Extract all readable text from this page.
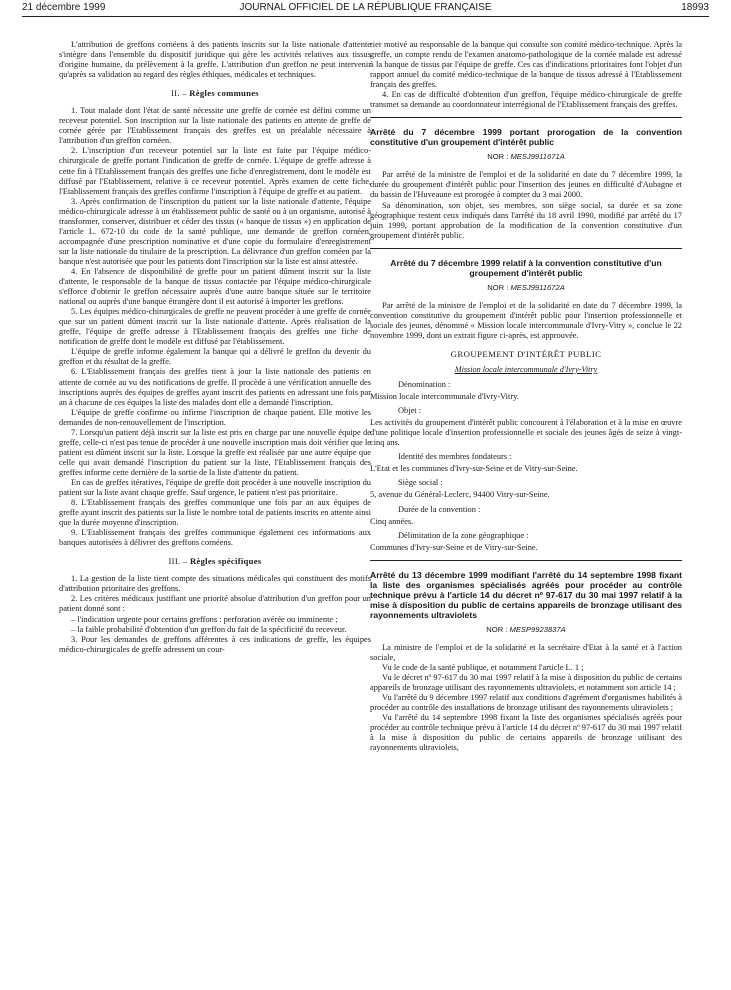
21 décembre 1999	JOURNAL OFFICIEL DE LA RÉPUBLIQUE FRANÇAISE	18993

L'attribution de greffons cornéens à des patients inscrits sur la liste nationale d'attente s'intègre dans l'ensemble du dispositif juridique qui gère les activités relatives aux tissus d'origine humaine, du prélèvement à la greffe. L'attribution d'un greffon ne peut intervenir qu'après sa validation au regard des règles éthiques, médicales et techniques.

II. – Règles communes

1. Tout malade dont l'état de santé nécessite une greffe de cornée est défini comme un receveur potentiel. Son inscription sur la liste nationale des patients en attente de greffe de cornée gérée par l'Etablissement français des greffes est un préalable nécessaire à l'attribution d'un greffon cornéen.

2. L'inscription d'un receveur potentiel sur la liste est faite par l'équipe médico-chirurgicale de greffe portant l'indication de greffe de cornée. L'équipe de greffe adresse à cette fin à l'Etablissement français des greffes une fiche d'enregistrement, dont le modèle est diffusé par l'Etablissement, relative à ce receveur potentiel. Après examen de cette fiche, l'Etablissement français des greffes confirme l'inscription à l'équipe de greffe et au patient.

3. Après confirmation de l'inscription du patient sur la liste nationale d'attente, l'équipe médico-chirurgicale adresse à un établissement public de santé ou à un organisme, autorisé à transformer, conserver, distribuer et céder des tissus (« banque de tissus ») en application de l'article L. 672-10 du code de la santé publique, une demande de greffon cornéen, accompagnée d'une prescription nominative et d'une copie du formulaire d'enregistrement sur la liste nationale du titulaire de la prescription. La délivrance d'un greffon cornéen par la banque n'est autorisée que pour les patients dont l'inscription sur la liste est ainsi attestée.

4. En l'absence de disponibilité de greffe pour un patient dûment inscrit sur la liste d'attente, le responsable de la banque de tissus contactée par l'équipe médico-chirurgicale s'efforce d'obtenir le greffon nécessaire auprès d'une autre banque située sur le territoire national ou auprès d'une banque étrangère dont il est autorisé à importer les greffons.

5. Les équipes médico-chirurgicales de greffe ne peuvent procéder à une greffe de cornée que sur un patient dûment inscrit sur la liste nationale d'attente. Après réalisation de la greffe, l'équipe de greffe adresse à l'Etablissement français des greffes une fiche de notification de greffe dont le modèle est diffusé par l'établissement.

L'équipe de greffe informe également la banque qui a délivré le greffon du devenir du greffon et du résultat de la greffe.

6. L'Etablissement français des greffes tient à jour la liste nationale des patients en attente de cornée au vu des notifications de greffe. Il procède à une vérification annuelle des inscriptions auprès des équipes de greffes ayant inscrit des patients en adressant une fois par an à chacune de ces équipes la liste des malades dont elle a demandé l'inscription.

L'équipe de greffe confirme ou infirme l'inscription de chaque patient. Elle motive les demandes de non-renouvellement de l'inscription.

7. Lorsqu'un patient déjà inscrit sur la liste est pris en charge par une nouvelle équipe de greffe, celle-ci n'est pas tenue de procéder à une nouvelle inscription mais doit vérifier que le patient est dûment inscrit sur la liste. Lorsque la greffe est réalisée par une autre équipe que celle qui avait demandé l'inscription du patient sur la liste, l'Etablissement français des greffes informe cette dernière de la sortie de la liste d'attente du patient.

En cas de greffes itératives, l'équipe de greffe doit procéder à une nouvelle inscription du patient sur la liste avant chaque greffe. Sauf urgence, le patient n'est pas prioritaire.

8. L'Etablissement français des greffes communique une fois par an aux équipes de greffe ayant inscrit des patients sur la liste le nombre total de patients inscrits en attente ainsi que la durée moyenne d'inscription.

9. L'Etablissement français des greffes communique également ces informations aux banques autorisées à délivrer des greffons cornéens.

III. – Règles spécifiques

1. La gestion de la liste tient compte des situations médicales qui constituent des motifs d'attribution prioritaire des greffons.

2. Les critères médicaux justifiant une priorité absolue d'attribution d'un greffon pour un patient donné sont :

– l'indication urgente pour certains greffons : perforation avérée ou imminente ;
– la faible probabilité d'obtention d'un greffon du fait de la spécificité du receveur.

3. Pour les demandes de greffons afférentes à ces indications de greffe, les équipes médico-chirurgicales de greffe adressent un cour-

rier motivé au responsable de la banque qui consulte son comité médico-technique. Après la greffe, un compte rendu de l'examen anatomo-pathologique de la cornée malade est adressé à la banque de tissus par l'équipe de greffe. Ces cas d'indications prioritaires font l'objet d'un rapport annuel du comité médico-technique de la banque de tissus adressé à l'Etablissement français des greffes.

4. En cas de difficulté d'obtention d'un greffon, l'équipe médico-chirurgicale de greffe transmet sa demande au coordonnateur interrégional de l'Etablissement français des greffes.

Arrêté du 7 décembre 1999 portant prorogation de la convention constitutive d'un groupement d'intérêt public
NOR : MESJ9911671A

Par arrêté de la ministre de l'emploi et de la solidarité en date du 7 décembre 1999, la durée du groupement d'intérêt public pour l'insertion des jeunes en difficulté d'Aubagne et du bassin de l'Huveaune est prorogée à compter du 3 mai 2000.

Sa dénomination, son objet, ses membres, son siège social, sa durée et sa zone géographique restent ceux indiqués dans l'arrêté du 18 avril 1990, modifié par arrêté du 17 juin 1999, portant approbation de la modification de la convention constitutive d'un groupement d'intérêt public.

Arrêté du 7 décembre 1999 relatif à la convention constitutive d'un groupement d'intérêt public
NOR : MESJ9911672A

Par arrêté de la ministre de l'emploi et de la solidarité en date du 7 décembre 1999, la convention constitutive du groupement d'intérêt public pour l'insertion professionnelle et sociale des jeunes, dénommé « Mission locale intercommunale d'Ivry-Vitry », conclue le 22 novembre 1999, dont un extrait figure ci-après, est approuvée.

GROUPEMENT D'INTÉRÊT PUBLIC
Mission locale intercommunale d'Ivry-Vitry

Dénomination :

Mission locale intercommunale d'Ivry-Vitry.

Objet :

Les activités du groupement d'intérêt public concourent à l'élaboration et à la mise en œuvre d'une politique locale d'insertion professionnelle et sociale des jeunes âgés de seize à vingt-cinq ans.

Identité des membres fondateurs :

L'Etat et les communes d'Ivry-sur-Seine et de Vitry-sur-Seine.

Siège social :

5, avenue du Général-Leclerc, 94400 Vitry-sur-Seine.

Durée de la convention :

Cinq années.

Délimitation de la zone géographique :

Communes d'Ivry-sur-Seine et de Vitry-sur-Seine.

Arrêté du 13 décembre 1999 modifiant l'arrêté du 14 septembre 1998 fixant la liste des organismes spécialisés agréés pour procéder au contrôle technique prévu à l'article 14 du décret nº 97-617 du 30 mai 1997 relatif à la mise à disposition du public de certains appareils de bronzage utilisant des rayonnements ultraviolets
NOR : MESP9923837A

La ministre de l'emploi et de la solidarité et la secrétaire d'Etat à la santé et à l'action sociale,

Vu le code de la santé publique, et notamment l'article L. 1 ;

Vu le décret nº 97-617 du 30 mai 1997 relatif à la mise à disposition du public de certains appareils de bronzage utilisant des rayonnements ultraviolets, et notamment son article 14 ;

Vu l'arrêté du 9 décembre 1997 relatif aux conditions d'agrément d'organismes habilités à procéder au contrôle des installations de bronzage utilisant des rayonnements ultraviolets ;

Vu l'arrêté du 14 septembre 1998 fixant la liste des organismes spécialisés agréés pour procéder au contrôle technique prévu à l'article 14 du décret nº 97-617 du 30 mai 1997 relatif à la mise à disposition du public de certains appareils de bronzage utilisant des rayonnements ultraviolets,
